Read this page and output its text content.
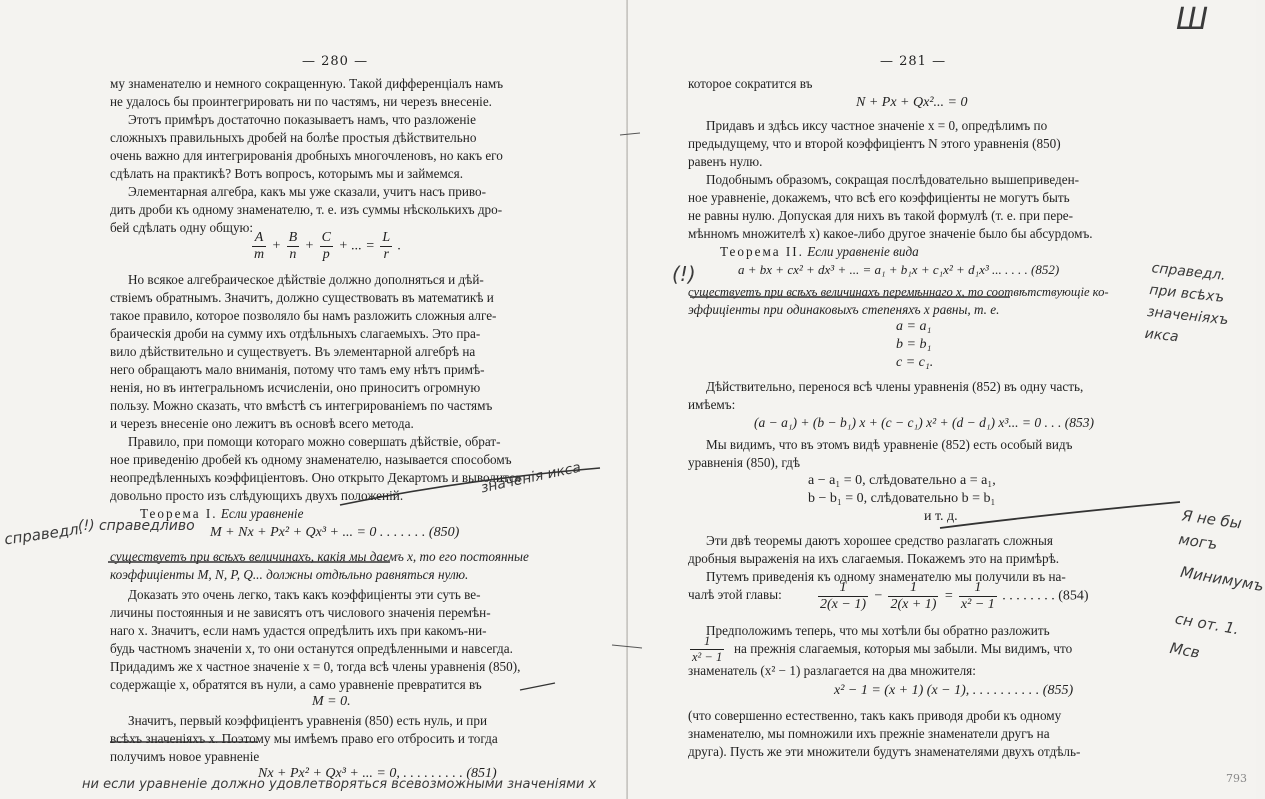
— 280 —
му знаменателю и немного сокращенную. Такой дифференціалъ намъ
не удалось бы проинтегрировать ни по частямъ, ни черезъ внесеніе.
Этотъ примѣръ достаточно показываетъ намъ, что разложеніе
сложныхъ правильныхъ дробей на болѣе простыя дѣйствительно
очень важно для интегрированія дробныхъ многочленовъ, но какъ его
сдѣлать на практикѣ? Вотъ вопросъ, которымъ мы и займемся.
Элементарная алгебра, какъ мы уже сказали, учитъ насъ приво-
дить дроби къ одному знаменателю, т. е. изъ суммы нѣсколькихъ дро-
бей сдѣлать одну общую:
$\frac{A}{m} + \frac{B}{n} + \frac{C}{p}$ + ... = $\frac{L}{r}$ .
Но всякое алгебраическое дѣйствіе должно дополняться и дѣй-
ствіемъ обратнымъ. Значитъ, должно существовать въ математикѣ и
такое правило, которое позволяло бы намъ разложить сложныя алге-
браическія дроби на сумму ихъ отдѣльныхъ слагаемыхъ. Это пра-
вило дѣйствительно и существуетъ. Въ элементарной алгебрѣ на
него обращаютъ мало вниманія, потому что тамъ ему нѣтъ примѣ-
ненія, но въ интегральномъ исчисленіи, оно приноситъ огромную
пользу. Можно сказать, что вмѣстѣ съ интегрированіемъ по частямъ
и черезъ внесеніе оно лежитъ въ основѣ всего метода.
Правило, при помощи котораго можно совершать дѣйствіе, обрат-
ное приведенію дробей къ одному знаменателю, называется способомъ
неопредѣленныхъ коэффиціентовъ. Оно открыто Декартомъ и выводится
довольно просто изъ слѣдующихъ двухъ положеній.
Теорема I. Если уравненіе
M + Nx + Px² + Qx³ + ... = 0 . . . . . . . (850)
существуетъ при всѣхъ величинахъ, какія мы даемъ x, то его постоянные
коэффиціенты M, N, P, Q... должны отдѣльно равняться нулю.
Доказать это очень легко, такъ какъ коэффиціенты эти суть ве-
личины постоянныя и не зависятъ отъ числового значенія перемѣн-
наго x. Значитъ, если намъ удастся опредѣлить ихъ при какомъ-ни-
будь частномъ значеніи x, то они останутся опредѣленными и навсегда.
Придадимъ же x частное значеніе x = 0, тогда всѣ члены уравненія (850),
содержащіе x, обратятся въ нули, а само уравненіе превратится въ
M = 0.
Значитъ, первый коэффиціентъ уравненія (850) есть нуль, и при
всѣхъ значеніяхъ x. Поэтому мы имѣемъ право его отбросить и тогда
получимъ новое уравненіе
Nx + Px² + Qx³ + ... = 0, . . . . . . . . . (851)
ни если уравненіе должно удовлетворяться всевозможными значеніями x
справедл.
(!) справедливо
значенія икса
— 281 —
которое сократится въ
N + Px + Qx²... = 0
Придавъ и здѣсь иксу частное значеніе x = 0, опредѣлимъ по
предыдущему, что и второй коэффиціентъ N этого уравненія (850)
равенъ нулю.
Подобнымъ образомъ, сокращая послѣдовательно вышеприведен-
ное уравненіе, докажемъ, что всѣ его коэффиціенты не могутъ быть
не равны нулю. Допуская для нихъ въ такой формулѣ (т. е. при пере-
мѣнномъ множителѣ x) какое-либо другое значеніе было бы абсурдомъ.
Теорема II. Если уравненіе вида
a + bx + cx² + dx³ + ... = a₁ + b₁x + c₁x² + d₁x³ ... . . . . (852)
существуетъ при всѣхъ величинахъ перемѣннаго x, то соотвѣтствующіе ко-
эффиціенты при одинаковыхъ степеняхъ x равны, т. е.
a = a₁
b = b₁
c = c₁.
Дѣйствительно, перенося всѣ члены уравненія (852) въ одну часть,
имѣемъ:
(a − a₁) + (b − b₁) x + (c − c₁) x² + (d − d₁) x³... = 0 . . . (853)
Мы видимъ, что въ этомъ видѣ уравненіе (852) есть особый видъ
уравненія (850), гдѣ
a − a₁ = 0, слѣдовательно a = a₁,
b − b₁ = 0, слѣдовательно b = b₁
и т. д.
Эти двѣ теоремы даютъ хорошее средство разлагать сложныя
дробныя выраженія на ихъ слагаемыя. Покажемъ это на примѣрѣ.
Путемъ приведенія къ одному знаменателю мы получили въ на-
чалѣ этой главы:	$\frac{1}{2(x - 1)} - \frac{1}{2(x + 1)} = \frac{1}{\text{x² − 1}}$ . . . . . . . . (854)
Предположимъ теперь, что мы хотѣли бы обратно разложить
$\frac{1}{\text{x² − 1}}$ на прежнія слагаемыя, которыя мы забыли. Мы видимъ, что
знаменатель (x² − 1) разлагается на два множителя:
x² − 1 = (x + 1) (x − 1), . . . . . . . . . . (855)
(что совершенно естественно, такъ какъ приводя дроби къ одному
знаменателю, мы помножили ихъ прежніе знаменатели другъ на
друга). Пусть же эти множители будутъ знаменателями двухъ отдѣль-
Ш
справедл. при всѣхъ значеніяхъ икса
(!)
Я не бы могъ
Минимумъ
сн от. 1. Мсв
793
